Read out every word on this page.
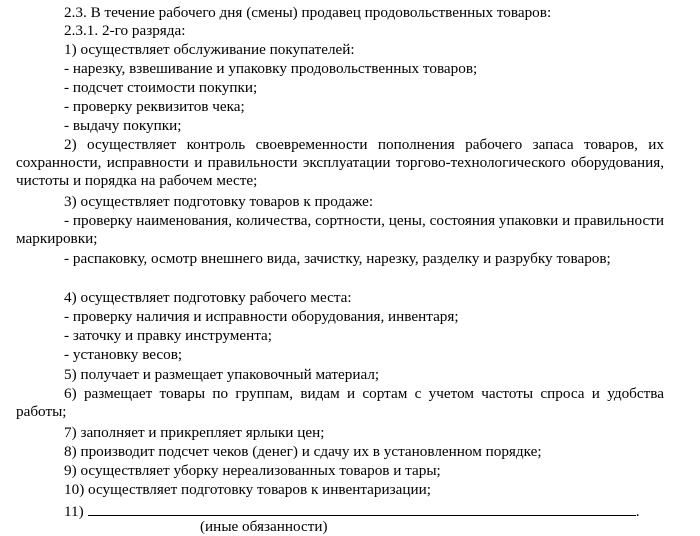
2.3. В течение рабочего дня (смены) продавец продовольственных товаров:
2.3.1. 2-го разряда:
1) осуществляет обслуживание покупателей:
- нарезку, взвешивание и упаковку продовольственных товаров;
- подсчет стоимости покупки;
- проверку реквизитов чека;
- выдачу покупки;
2) осуществляет контроль своевременности пополнения рабочего запаса товаров, их сохранности, исправности и правильности эксплуатации торгово-технологического оборудования, чистоты и порядка на рабочем месте;
3) осуществляет подготовку товаров к продаже:
- проверку наименования, количества, сортности, цены, состояния упаковки и правильности маркировки;
- распаковку, осмотр внешнего вида, зачистку, нарезку, разделку и разрубку товаров;
4) осуществляет подготовку рабочего места:
- проверку наличия и исправности оборудования, инвентаря;
- заточку и правку инструмента;
- установку весов;
5) получает и размещает упаковочный материал;
6) размещает товары по группам, видам и сортам с учетом частоты спроса и удобства работы;
7) заполняет и прикрепляет ярлыки цен;
8) производит подсчет чеков (денег) и сдачу их в установленном порядке;
9) осуществляет уборку нереализованных товаров и тары;
10) осуществляет подготовку товаров к инвентаризации;
11)	.
(иные обязанности)
